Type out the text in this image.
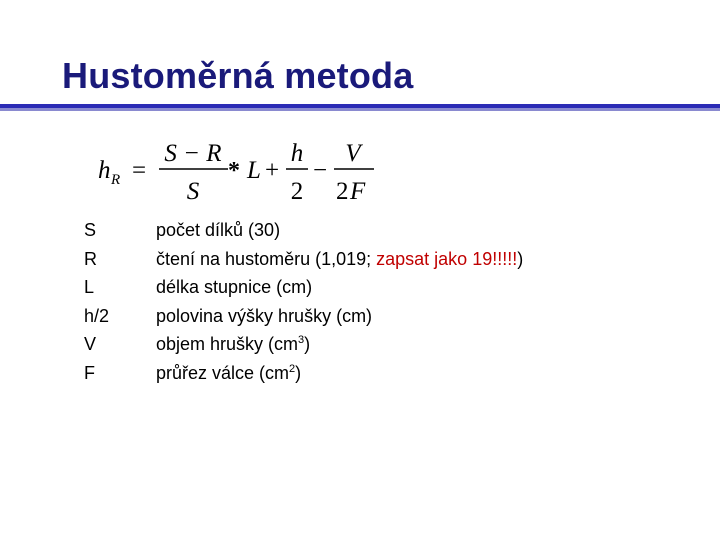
Hustoměrná metoda
h R =
S − R
S
* L +
h
2
−
V
2 F
S	počet dílků (30)
R	čtení na hustoměru (1,019; zapsat jako 19!!!!!)
L	délka stupnice (cm)
h/2	polovina výšky hrušky (cm)
V	objem hrušky $(cm^3)$
F	průřez válce $(cm^2)$
